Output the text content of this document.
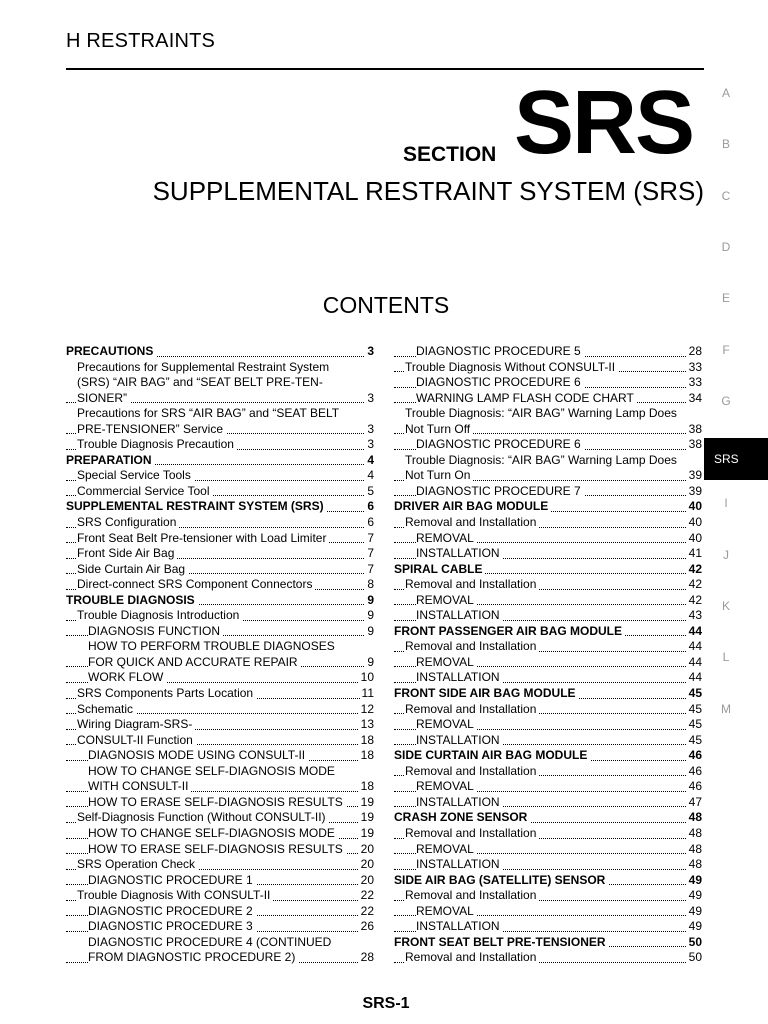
H RESTRAINTS
SECTION SRS
SUPPLEMENTAL RESTRAINT SYSTEM (SRS)
CONTENTS
PRECAUTIONS	3
Precautions for Supplemental Restraint System
(SRS) “AIR BAG” and “SEAT BELT PRE-TEN-
SIONER”	3
Precautions for SRS “AIR BAG” and “SEAT BELT
PRE-TENSIONER” Service	3
Trouble Diagnosis Precaution	3
PREPARATION	4
Special Service Tools	4
Commercial Service Tool	5
SUPPLEMENTAL RESTRAINT SYSTEM (SRS)	6
SRS Configuration	6
Front Seat Belt Pre-tensioner with Load Limiter	7
Front Side Air Bag	7
Side Curtain Air Bag	7
Direct-connect SRS Component Connectors	8
TROUBLE DIAGNOSIS	9
Trouble Diagnosis Introduction	9
DIAGNOSIS FUNCTION	9
HOW TO PERFORM TROUBLE DIAGNOSES
FOR QUICK AND ACCURATE REPAIR	9
WORK FLOW	10
SRS Components Parts Location	11
Schematic	12
Wiring Diagram-SRS-	13
CONSULT-II Function	18
DIAGNOSIS MODE USING CONSULT-II	18
HOW TO CHANGE SELF-DIAGNOSIS MODE
WITH CONSULT-II	18
HOW TO ERASE SELF-DIAGNOSIS RESULTS 19
Self-Diagnosis Function (Without CONSULT-II)	19
HOW TO CHANGE SELF-DIAGNOSIS MODE 19
HOW TO ERASE SELF-DIAGNOSIS RESULTS 20
SRS Operation Check	20
DIAGNOSTIC PROCEDURE 1	20
Trouble Diagnosis With CONSULT-II	22
DIAGNOSTIC PROCEDURE 2	22
DIAGNOSTIC PROCEDURE 3	26
DIAGNOSTIC PROCEDURE 4 (CONTINUED
FROM DIAGNOSTIC PROCEDURE 2)	28
DIAGNOSTIC PROCEDURE 5	28
Trouble Diagnosis Without CONSULT-II	33
DIAGNOSTIC PROCEDURE 6	33
WARNING LAMP FLASH CODE CHART	34
Trouble Diagnosis: “AIR BAG” Warning Lamp Does
Not Turn Off	38
DIAGNOSTIC PROCEDURE 6	38
Trouble Diagnosis: “AIR BAG” Warning Lamp Does
Not Turn On	39
DIAGNOSTIC PROCEDURE 7	39
DRIVER AIR BAG MODULE	40
Removal and Installation	40
REMOVAL	40
INSTALLATION	41
SPIRAL CABLE	42
Removal and Installation	42
REMOVAL	42
INSTALLATION	43
FRONT PASSENGER AIR BAG MODULE	44
Removal and Installation	44
REMOVAL	44
INSTALLATION	44
FRONT SIDE AIR BAG MODULE	45
Removal and Installation	45
REMOVAL	45
INSTALLATION	45
SIDE CURTAIN AIR BAG MODULE	46
Removal and Installation	46
REMOVAL	46
INSTALLATION	47
CRASH ZONE SENSOR	48
Removal and Installation	48
REMOVAL	48
INSTALLATION	48
SIDE AIR BAG (SATELLITE) SENSOR	49
Removal and Installation	49
REMOVAL	49
INSTALLATION	49
FRONT SEAT BELT PRE-TENSIONER	50
Removal and Installation	50
A
B
C
D
E
F
G
SRS
I
J
K
L
M
SRS-1
